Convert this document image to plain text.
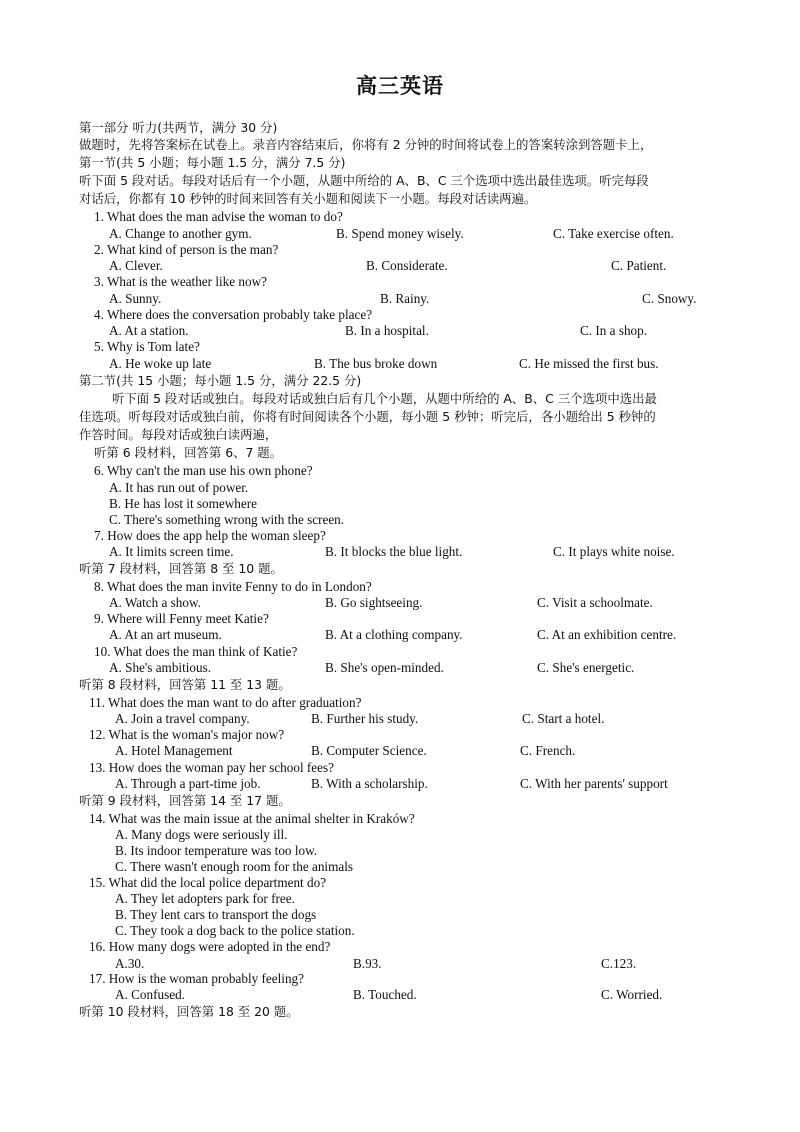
高三英语
第一部分 听力(共两节，满分 30 分)
做题时，先将答案标在试卷上。录音内容结束后，你将有 2 分钟的时间将试卷上的答案转涂到答题卡上，
第一节(共 5 小题；每小题 1.5 分，满分 7.5 分)
听下面 5 段对话。每段对话后有一个小题，从题中所给的 A、B、C 三个选项中选出最佳选项。听完每段
对话后，你都有 10 秒钟的时间来回答有关小题和阅读下一小题。每段对话读两遍。
1. What does the man advise the woman to do?
A. Change to another gym.	B. Spend money wisely.	C. Take exercise often.
2. What kind of person is the man?
A. Clever.	B. Considerate.	C. Patient.
3. What is the weather like now?
A. Sunny.	B. Rainy.	C. Snowy.
4. Where does the conversation probably take place?
A. At a station.	B. In a hospital.	C. In a shop.
5. Why is Tom late?
A. He woke up late	B. The bus broke down	C. He missed the first bus.
第二节(共 15 小题；每小题 1.5 分，满分 22.5 分)
听下面 5 段对话或独白。每段对话或独白后有几个小题，从题中所给的 A、B、C 三个选项中选出最
佳选项。听每段对话或独白前，你将有时间阅读各个小题，每小题 5 秒钟；听完后，各小题给出 5 秒钟的
作答时间。每段对话或独白读两遍，
听第 6 段材料，回答第 6、7 题。
6. Why can't the man use his own phone?
A. It has run out of power.
B. He has lost it somewhere
C. There's something wrong with the screen.
7. How does the app help the woman sleep?
A. It limits screen time.	B. It blocks the blue light.	C. It plays white noise.
听第 7 段材料，回答第 8 至 10 题。
8. What does the man invite Fenny to do in London?
A. Watch a show.	B. Go sightseeing.	C. Visit a schoolmate.
9. Where will Fenny meet Katie?
A. At an art museum.	B. At a clothing company.	C. At an exhibition centre.
10. What does the man think of Katie?
A. She's ambitious.	B. She's open-minded.	C. She's energetic.
听第 8 段材料，回答第 11 至 13 题。
11. What does the man want to do after graduation?
A. Join a travel company.	B. Further his study.	C. Start a hotel.
12. What is the woman's major now?
A. Hotel Management	B. Computer Science.	C. French.
13. How does the woman pay her school fees?
A. Through a part-time job.	B. With a scholarship.	C. With her parents' support
听第 9 段材料，回答第 14 至 17 题。
14. What was the main issue at the animal shelter in Kraków?
A. Many dogs were seriously ill.
B. Its indoor temperature was too low.
C. There wasn't enough room for the animals
15. What did the local police department do?
A. They let adopters park for free.
B. They lent cars to transport the dogs
C. They took a dog back to the police station.
16. How many dogs were adopted in the end?
A.30.	B.93.	C.123.
17. How is the woman probably feeling?
A. Confused.	B. Touched.	C. Worried.
听第 10 段材料，回答第 18 至 20 题。
